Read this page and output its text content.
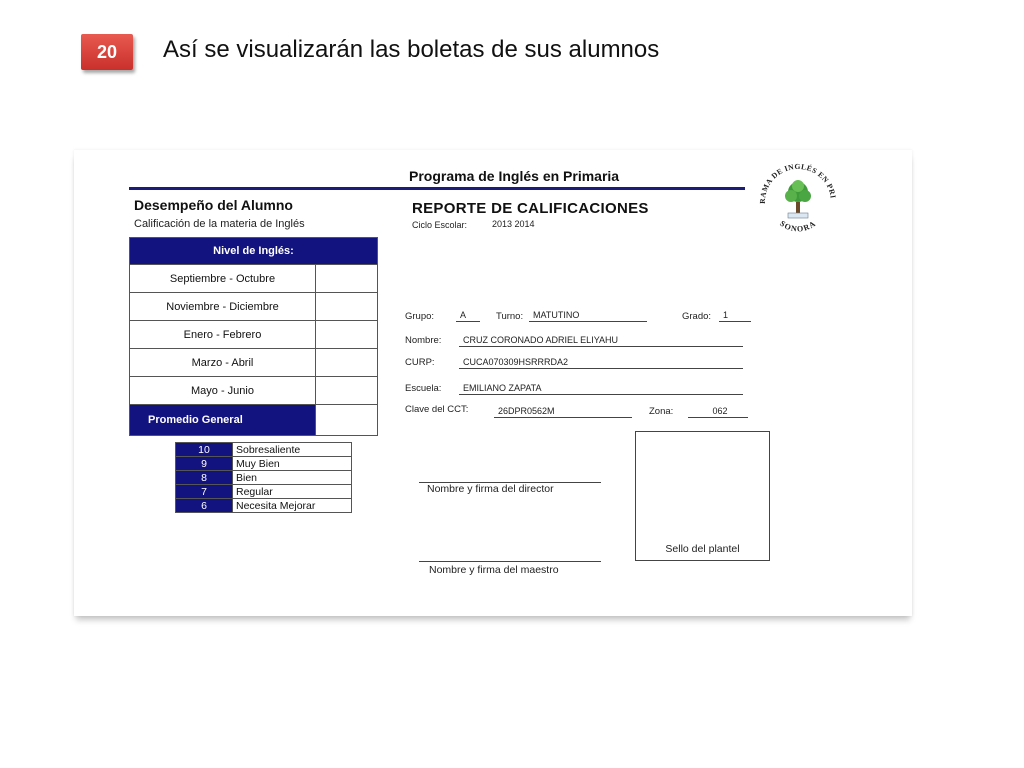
20	Así se visualizarán las boletas de sus alumnos
Programa de Inglés en Primaria
RAMA DE INGLÉS EN PRI
SONORA
Desempeño del Alumno
Calificación de la materia de Inglés
REPORTE DE CALIFICACIONES
Ciclo Escolar:	2013 2014
Nivel de Inglés:	
Septiembre - Octubre	
Noviembre - Diciembre	
Enero - Febrero	
Marzo - Abril	
Mayo - Junio	
Promedio General	
10	Sobresaliente
9	Muy Bien
8	Bien
7	Regular
6	Necesita Mejorar
Grupo:	A	Turno:	MATUTINO	Grado:	1
Nombre:	CRUZ CORONADO ADRIEL ELIYAHU
CURP:	CUCA070309HSRRRDA2
Escuela:	EMILIANO ZAPATA
Clave del CCT:	26DPR0562M	Zona:	062
Nombre y firma del director
Nombre y firma del maestro
Sello del plantel
